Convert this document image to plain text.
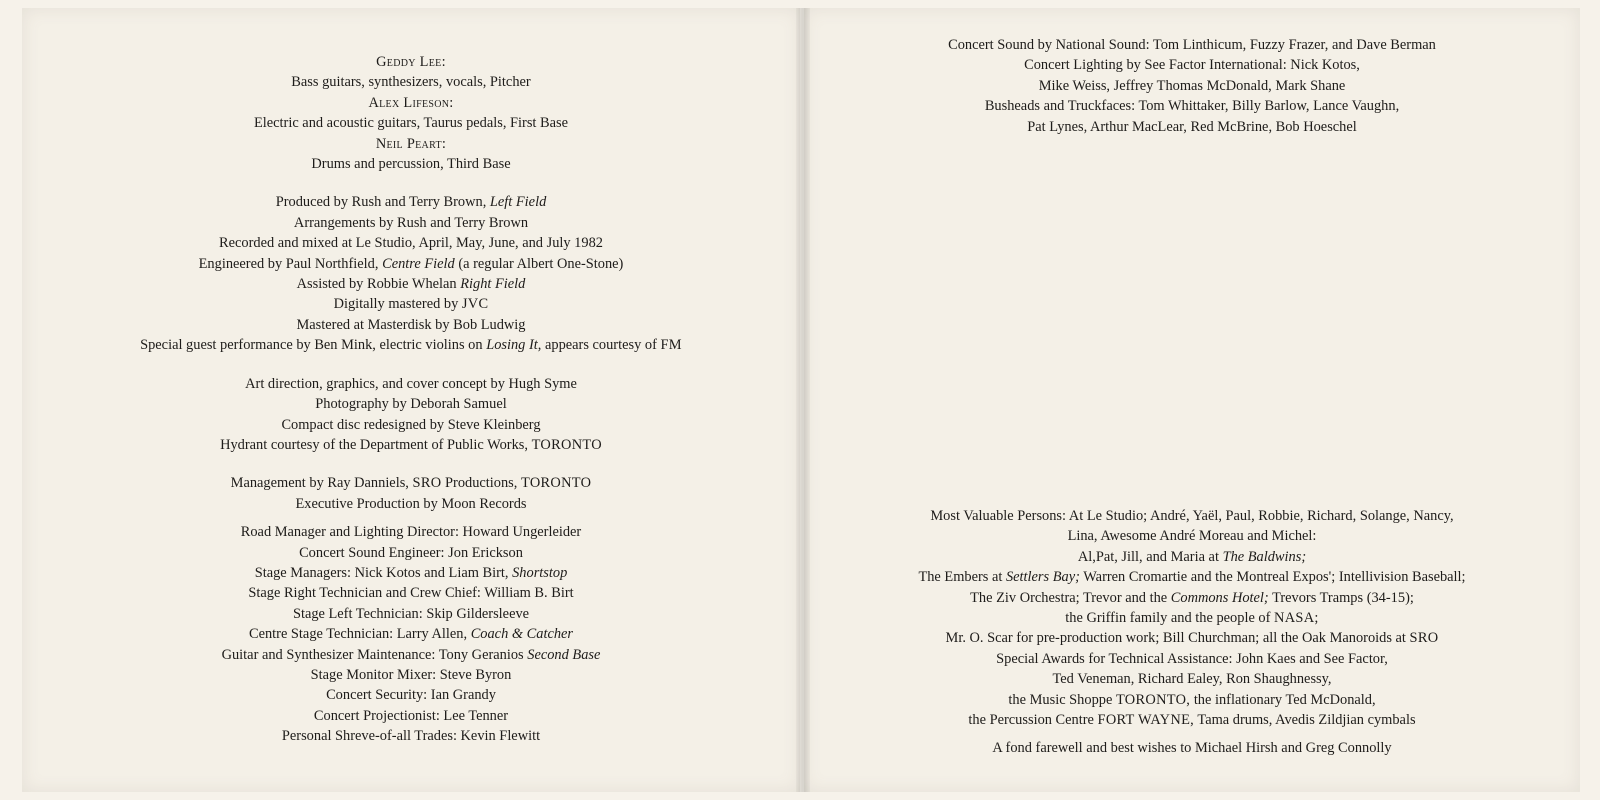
Geddy Lee:

Bass guitars, synthesizers, vocals, Pitcher

Alex Lifeson:

Electric and acoustic guitars, Taurus pedals, First Base

Neil Peart:

Drums and percussion, Third Base

Produced by Rush and Terry Brown, Left Field

Arrangements by Rush and Terry Brown

Recorded and mixed at Le Studio, April, May, June, and July 1982

Engineered by Paul Northfield, Centre Field (a regular Albert One-Stone)

Assisted by Robbie Whelan Right Field

Digitally mastered by JVC

Mastered at Masterdisk by Bob Ludwig

Special guest performance by Ben Mink, electric violins on Losing It, appears courtesy of FM

Art direction, graphics, and cover concept by Hugh Syme

Photography by Deborah Samuel

Compact disc redesigned by Steve Kleinberg

Hydrant courtesy of the Department of Public Works, TORONTO

Management by Ray Danniels, SRO Productions, TORONTO

Executive Production by Moon Records

Road Manager and Lighting Director: Howard Ungerleider

Concert Sound Engineer: Jon Erickson

Stage Managers: Nick Kotos and Liam Birt, Shortstop

Stage Right Technician and Crew Chief: William B. Birt

Stage Left Technician: Skip Gildersleeve

Centre Stage Technician: Larry Allen, Coach & Catcher

Guitar and Synthesizer Maintenance: Tony Geranios Second Base

Stage Monitor Mixer: Steve Byron

Concert Security: Ian Grandy

Concert Projectionist: Lee Tenner

Personal Shreve-of-all Trades: Kevin Flewitt

Concert Sound by National Sound: Tom Linthicum, Fuzzy Frazer, and Dave Berman

Concert Lighting by See Factor International: Nick Kotos,

Mike Weiss, Jeffrey Thomas McDonald, Mark Shane

Busheads and Truckfaces: Tom Whittaker, Billy Barlow, Lance Vaughn,

Pat Lynes, Arthur MacLear, Red McBrine, Bob Hoeschel

Most Valuable Persons: At Le Studio; André, Yaël, Paul, Robbie, Richard, Solange, Nancy,

Lina, Awesome André Moreau and Michel:

Al,Pat, Jill, and Maria at The Baldwins;

The Embers at Settlers Bay; Warren Cromartie and the Montreal Expos'; Intellivision Baseball;

The Ziv Orchestra; Trevor and the Commons Hotel; Trevors Tramps (34-15);

the Griffin family and the people of NASA;

Mr. O. Scar for pre-production work; Bill Churchman; all the Oak Manoroids at SRO

Special Awards for Technical Assistance: John Kaes and See Factor,

Ted Veneman, Richard Ealey, Ron Shaughnessy,

the Music Shoppe TORONTO, the inflationary Ted McDonald,

the Percussion Centre FORT WAYNE, Tama drums, Avedis Zildjian cymbals

A fond farewell and best wishes to Michael Hirsh and Greg Connolly
